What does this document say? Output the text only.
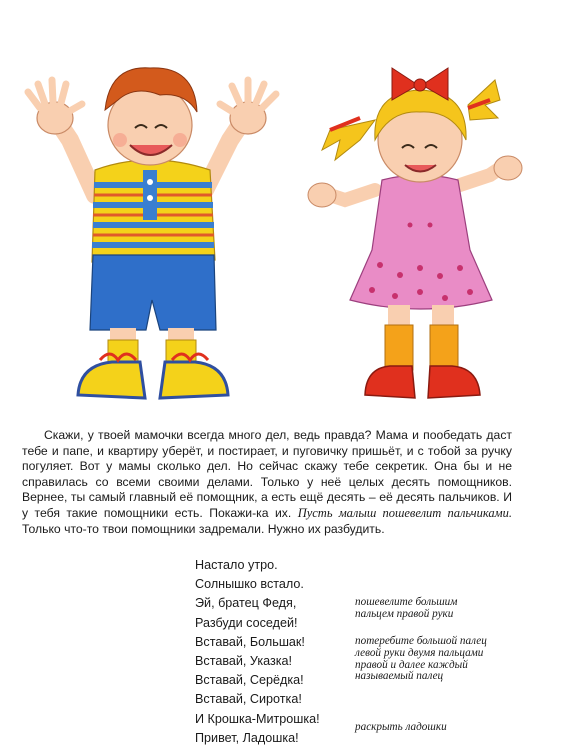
Скажи, у твоей мамочки всегда много дел, ведь правда? Мама и пообедать даст тебе и папе, и квартиру уберёт, и постирает, и пуговичку пришьёт, и с тобой за ручку погуляет. Вот у мамы сколько дел. Но сейчас скажу тебе секретик. Она бы и не справилась со всеми своими делами. Только у неё целых десять помощников. Вернее, ты самый главный её помощник, а есть ещё десять – её десять пальчиков. И у тебя такие помощники есть. Покажи-ка их. Пусть малыш пошевелит пальчиками. Только что-то твои помощники задремали. Нужно их разбудить.

Настало утро.
Солнышко встало.
Эй, братец Федя,
Разбуди соседей!
Вставай, Большак!
Вставай, Указка!
Вставай, Серёдка!
Вставай, Сиротка!
И Крошка-Митрошка!
Привет, Ладошка!
пошевелите большим пальцем правой руки
потеребите большой палец левой руки двумя пальцами правой и далее каждый называемый палец
раскрыть ладошки
